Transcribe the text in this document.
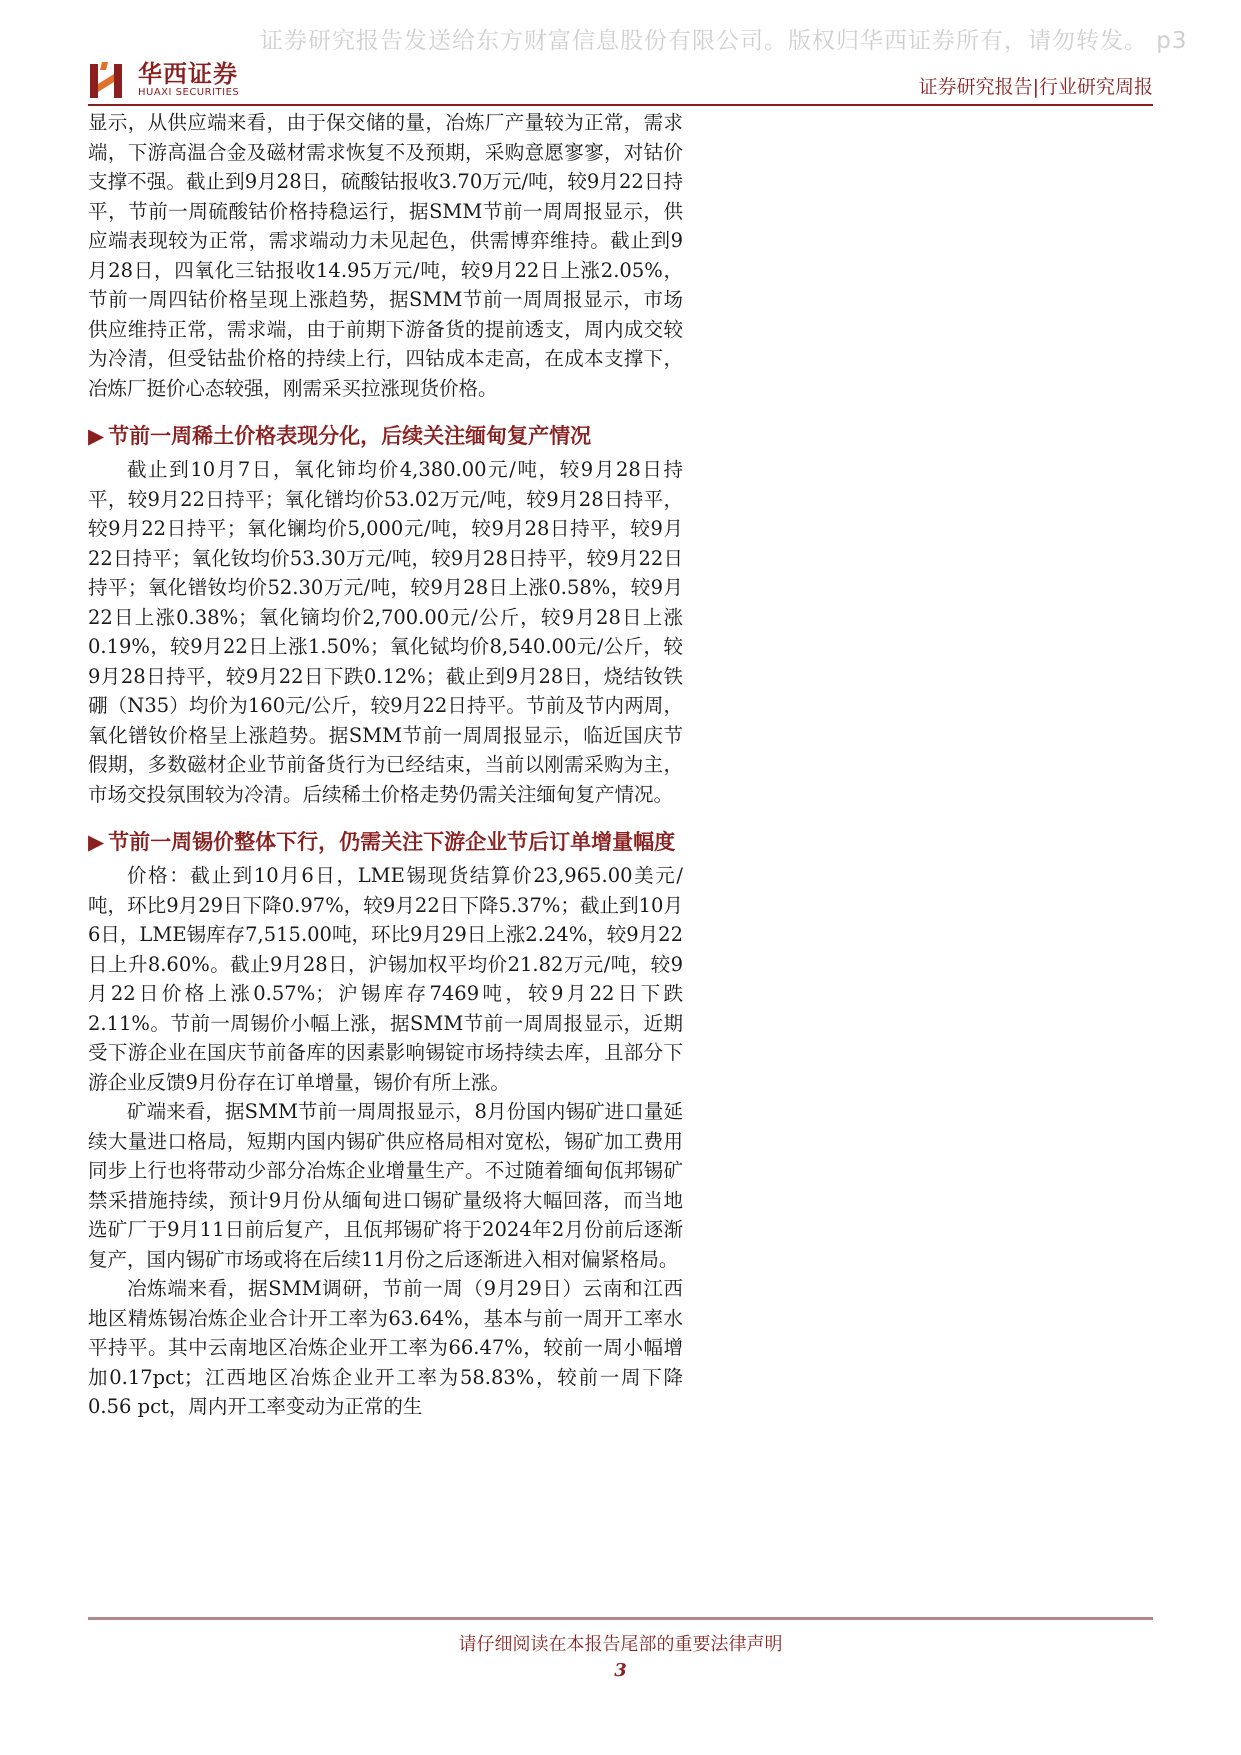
证券研究报告发送给东方财富信息股份有限公司。版权归华西证券所有，请勿转发。 p3
华西证券
HUAXI SECURITIES	证券研究报告|行业研究周报

显示，从供应端来看，由于保交储的量，冶炼厂产量较为正常，需求端，下游高温合金及磁材需求恢复不及预期，采购意愿寥寥，对钴价支撑不强。截止到9月28日，硫酸钴报收3.70万元/吨，较9月22日持平，节前一周硫酸钴价格持稳运行，据SMM节前一周周报显示，供应端表现较为正常，需求端动力未见起色，供需博弈维持。截止到9月28日，四氧化三钴报收14.95万元/吨，较9月22日上涨2.05%，节前一周四钴价格呈现上涨趋势，据SMM节前一周周报显示，市场供应维持正常，需求端，由于前期下游备货的提前透支，周内成交较为冷清，但受钴盐价格的持续上行，四钴成本走高，在成本支撑下，冶炼厂挺价心态较强，刚需采买拉涨现货价格。

▶ 节前一周稀土价格表现分化，后续关注缅甸复产情况

截止到10月7日，氧化铈均价4,380.00元/吨，较9月28日持平，较9月22日持平；氧化镨均价53.02万元/吨，较9月28日持平，较9月22日持平；氧化镧均价5,000元/吨，较9月28日持平，较9月22日持平；氧化钕均价53.30万元/吨，较9月28日持平，较9月22日持平；氧化镨钕均价52.30万元/吨，较9月28日上涨0.58%，较9月22日上涨0.38%；氧化镝均价2,700.00元/公斤，较9月28日上涨0.19%，较9月22日上涨1.50%；氧化铽均价8,540.00元/公斤，较9月28日持平，较9月22日下跌0.12%；截止到9月28日，烧结钕铁硼（N35）均价为160元/公斤，较9月22日持平。节前及节内两周，氧化镨钕价格呈上涨趋势。据SMM节前一周周报显示，临近国庆节假期，多数磁材企业节前备货行为已经结束，当前以刚需采购为主，市场交投氛围较为冷清。后续稀土价格走势仍需关注缅甸复产情况。

▶ 节前一周锡价整体下行，仍需关注下游企业节后订单增量幅度

价格：截止到10月6日，LME锡现货结算价23,965.00美元/吨，环比9月29日下降0.97%，较9月22日下降5.37%；截止到10月6日，LME锡库存7,515.00吨，环比9月29日上涨2.24%，较9月22日上升8.60%。截止9月28日，沪锡加权平均价21.82万元/吨，较9月22日价格上涨0.57%；沪锡库存7469吨，较9月22日下跌2.11%。节前一周锡价小幅上涨，据SMM节前一周周报显示，近期受下游企业在国庆节前备库的因素影响锡锭市场持续去库，且部分下游企业反馈9月份存在订单增量，锡价有所上涨。

矿端来看，据SMM节前一周周报显示，8月份国内锡矿进口量延续大量进口格局，短期内国内锡矿供应格局相对宽松，锡矿加工费用同步上行也将带动少部分冶炼企业增量生产。不过随着缅甸佤邦锡矿禁采措施持续，预计9月份从缅甸进口锡矿量级将大幅回落，而当地选矿厂于9月11日前后复产，且佤邦锡矿将于2024年2月份前后逐渐复产，国内锡矿市场或将在后续11月份之后逐渐进入相对偏紧格局。

冶炼端来看，据SMM调研，节前一周（9月29日）云南和江西地区精炼锡冶炼企业合计开工率为63.64%，基本与前一周开工率水平持平。其中云南地区冶炼企业开工率为66.47%，较前一周小幅增加0.17pct；江西地区冶炼企业开工率为58.83%，较前一周下降0.56 pct，周内开工率变动为正常的生

请仔细阅读在本报告尾部的重要法律声明
3
